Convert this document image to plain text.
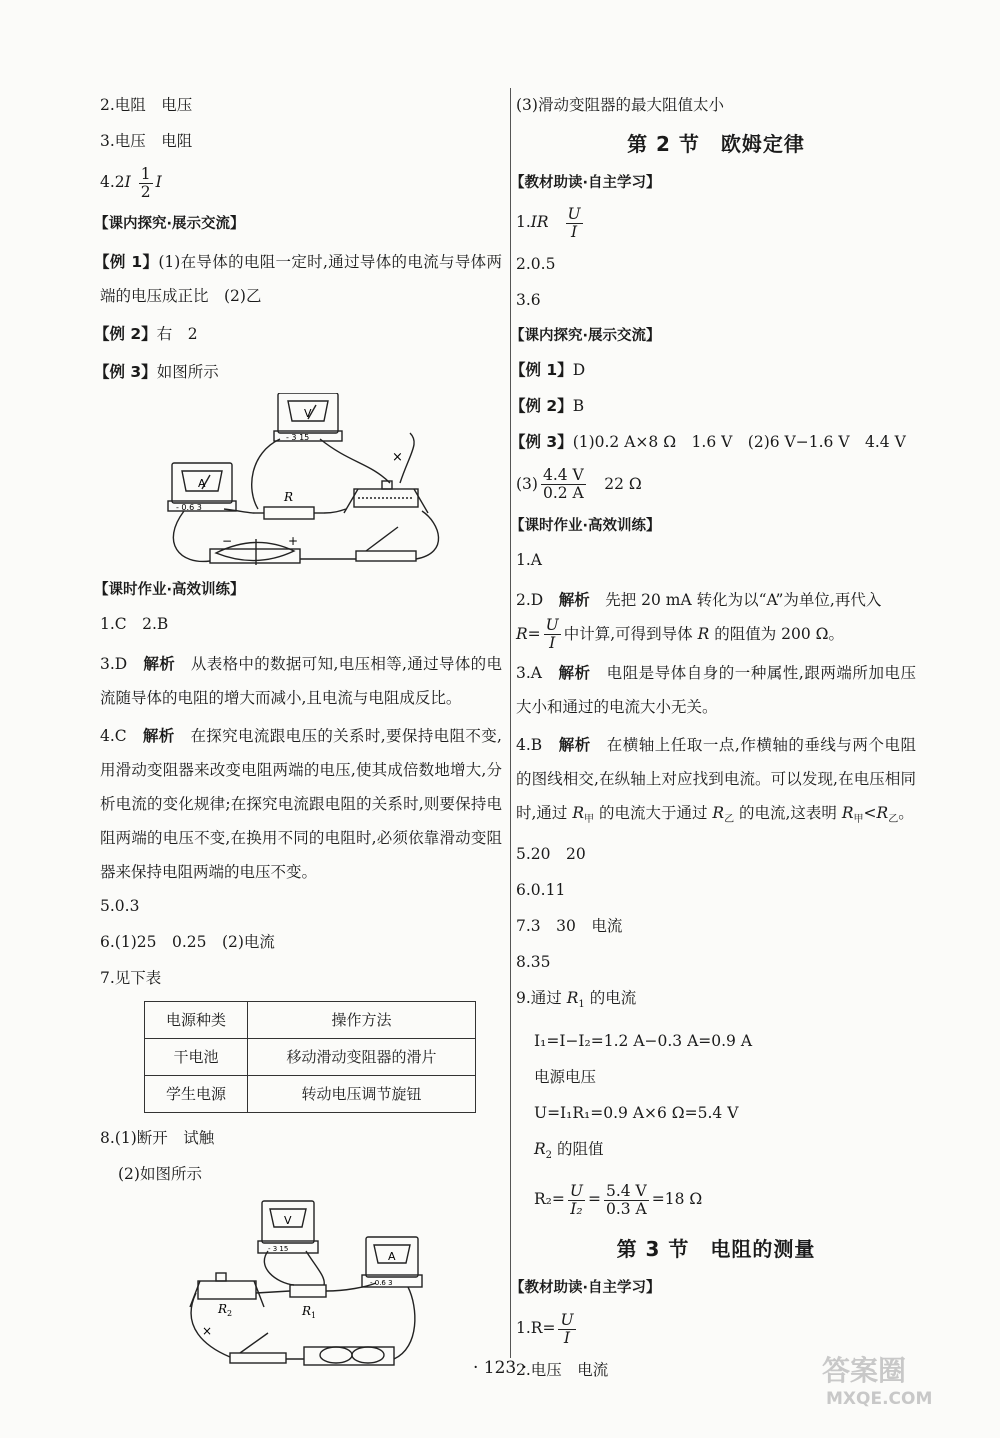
2.电阻　电压
3.电压　电阻
$4.2I \frac{1}{2}$ I
【课内探究·展示交流】
【例 1】(1)在导体的电阻一定时,通过导体的电流与导体两端的电压成正比　(2)乙
【例 2】右　2
【例 3】如图所示
A
V
- 0.6 3
- 3 15
R
−	+
×
【课时作业·高效训练】
1.C　2.B
3.D　解析　从表格中的数据可知,电压相等,通过导体的电流随导体的电阻的增大而减小,且电流与电阻成反比。
4.C　解析　在探究电流跟电压的关系时,要保持电阻不变,用滑动变阻器来改变电阻两端的电压,使其成倍数地增大,分析电流的变化规律;在探究电流跟电阻的关系时,则要保持电阻两端的电压不变,在换用不同的电阻时,必须依靠滑动变阻器来保持电阻两端的电压不变。
5.0.3
6.(1)25　0.25　(2)电流
7.见下表
电源种类	操作方法
干电池	移动滑动变阻器的滑片
学生电源	转动电压调节旋钮
8.(1)断开　试触
(2)如图所示
V
A
- 3 15
- 0.6 3
$R_1$
$R_2$
×
(3)滑动变阻器的最大阻值太小
第 2 节　欧姆定律
【教材助读·自主学习】
$1.IR \frac{U}{I}$
2.0.5
3.6
【课内探究·展示交流】
【例 1】D
【例 2】B
【例 3】(1)0.2 A×8 Ω　1.6 V　(2)6 V−1.6 V　4.4 V
$(3) \frac{4.4 V}{0.2 A}$ 　22 Ω
【课时作业·高效训练】
1.A
2.D　解析　先把 20 mA 转化为以“A”为单位,再代入
$R= \frac{U}{I}$ 中计算,可得到导体 R 的阻值为 200 Ω。
3.A　解析　电阻是导体自身的一种属性,跟两端所加电压大小和通过的电流大小无关。
4.B　解析　在横轴上任取一点,作横轴的垂线与两个电阻的图线相交,在纵轴上对应找到电流。可以发现,在电压相同时,通过 $R_甲$ 的电流大于通过 $R_乙$ 的电流,这表明 $R_甲<R_乙$。
5.20　20
6.0.11
7.3　30　电流
8.35
9.通过 $R_1$ 的电流
I₁=I−I₂=1.2 A−0.3 A=0.9 A
电源电压
U=I₁R₁=0.9 A×6 Ω=5.4 V
$R_2$ 的阻值
$R_2= \frac{U}{\text{I₂}} = \frac{5.4 V}{0.3 A} =18$ Ω
第 3 节　电阻的测量
【教材助读·自主学习】
$1.R= \frac{U}{I}$
2.电压　电流
· 123 ·	答案圈
MXQE.COM
